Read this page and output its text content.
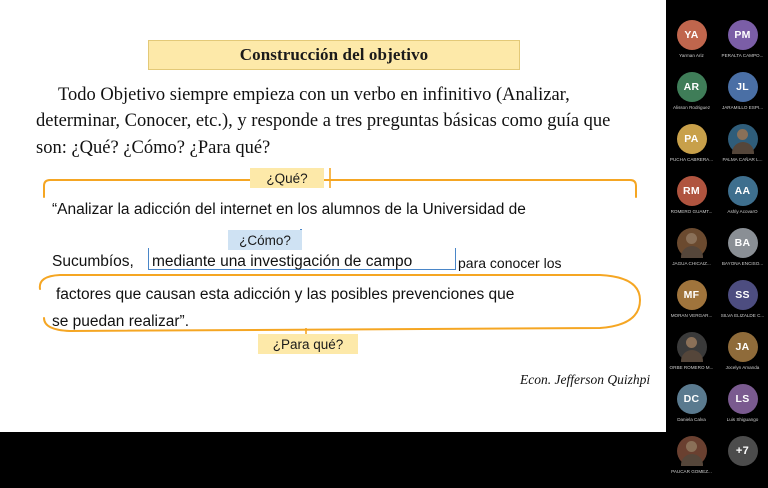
Construcción del objetivo
Todo Objetivo siempre empieza con un verbo en infinitivo (Analizar, determinar, Conocer, etc.), y responde a tres preguntas básicas como guía que son: ¿Qué? ¿Cómo? ¿Para qué?
¿Qué?
¿Cómo?
¿Para qué?
“Analizar la adicción del internet en los alumnos de la Universidad de
Sucumbíos, mediante una investigación de campo	para conocer los
factores que causan esta adicción y las posibles prevenciones que
se puedan realizar”.
Econ. Jefferson Quizhpi
YA
Yarman Ariz
PM
PERALTA CAMPO...
AR
Alisson Rodriguez
JL
JARAMILLO ESPI...
PA
PUCHA CABRERA... PALMA CAÑAR L...
RM
ROMERO GUAMT...
AA
Ashly AcovarO
JAGUA CHICAIZ...
BA
BAYONA ENCISO...
MF
MORAN VERGAR...
SS
SILVA ELIZALDE C...
ORBE ROMERO M...
JA
Jocelyn Amanda
DC
Daniela Calva
LS
Luis Shiguango
PAUCAR GOMEZ...
+7
